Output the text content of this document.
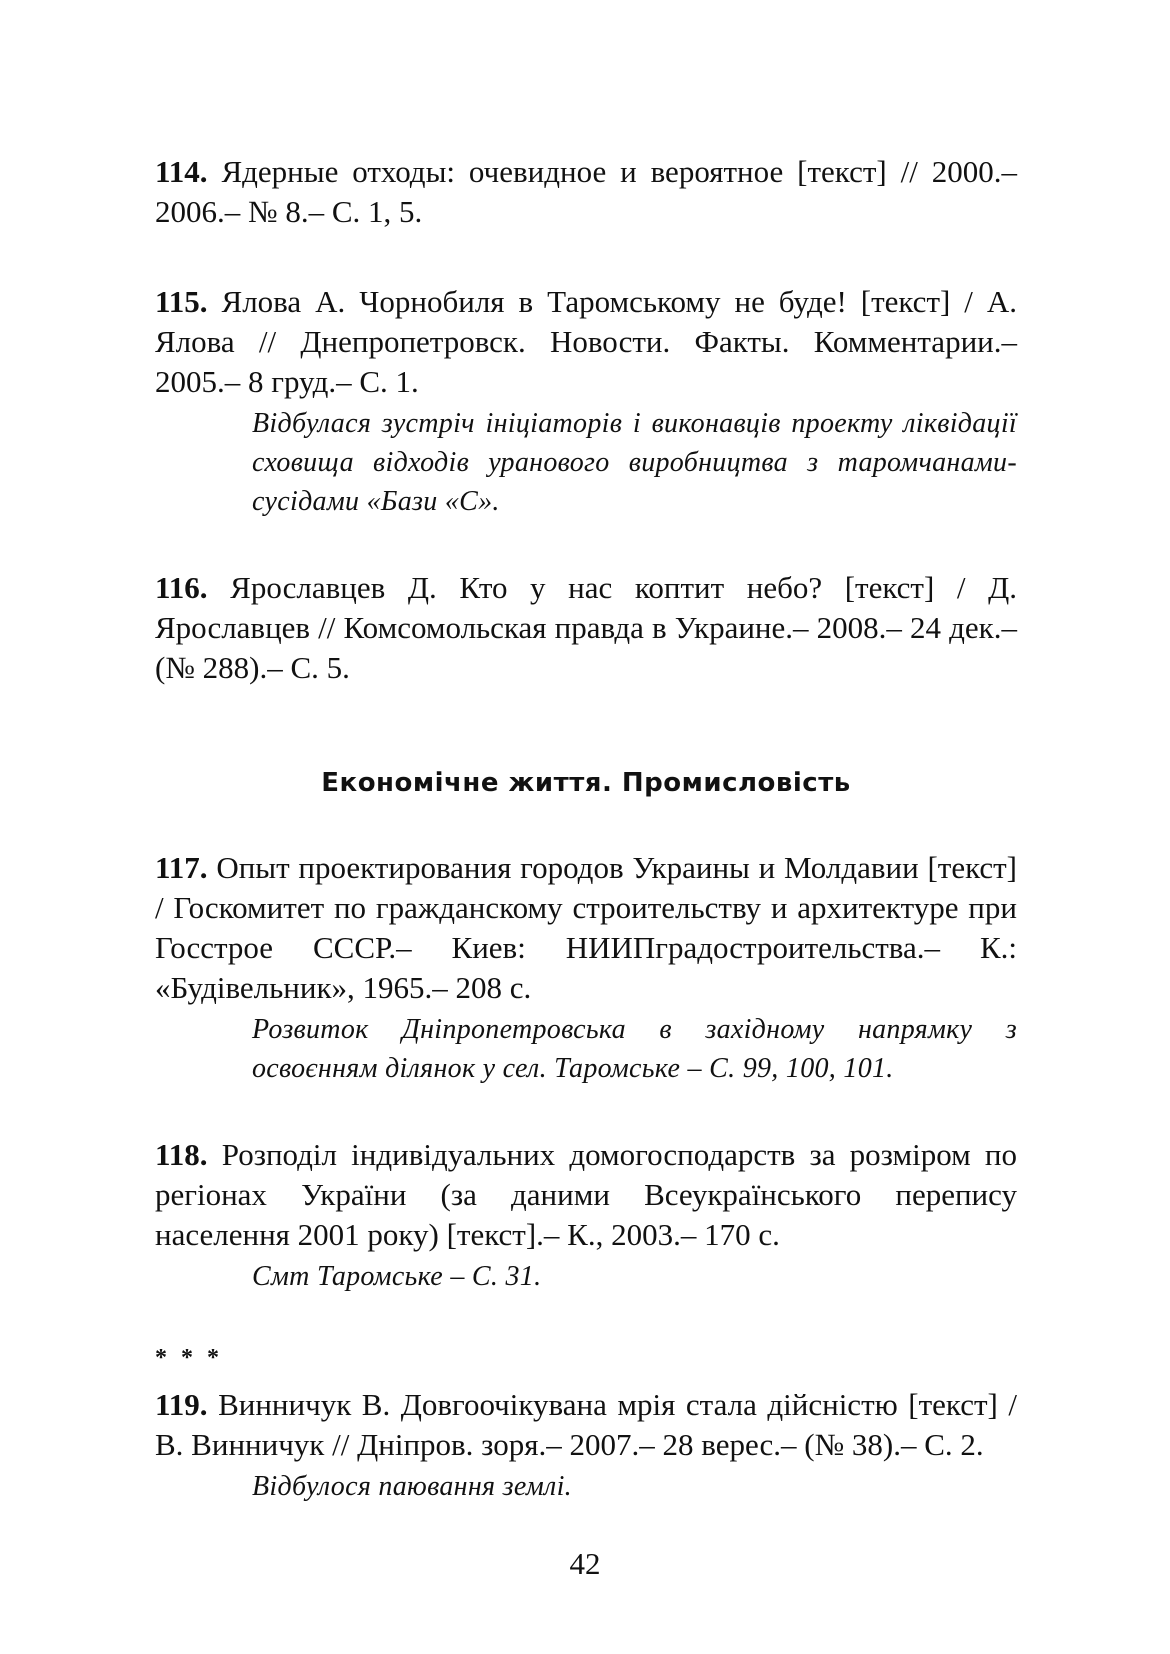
114. Ядерные отходы: очевидное и вероятное [текст] // 2000.– 2006.– № 8.– С. 1, 5.

115. Ялова А. Чорнобиля в Таромському не буде! [текст] / А. Ялова // Днепропетровск. Новости. Факты. Комментарии.– 2005.– 8 груд.– С. 1.

Відбулася зустріч ініціаторів і виконавців проекту ліквідації сховища відходів уранового виробництва з таромчанами-сусідами «Бази «С».

116. Ярославцев Д. Кто у нас коптит небо? [текст] / Д. Ярославцев // Комсомольская правда в Украине.– 2008.– 24 дек.– (№ 288).– С. 5.

Економічне життя. Промисловість

117. Опыт проектирования городов Украины и Молдавии [текст] / Госкомитет по гражданскому строительству и архитектуре при Госстрое СССР.– Киев: НИИПградостроительства.– К.: «Будівельник», 1965.– 208 с.

Розвиток Дніпропетровська в західному напрямку з освоєнням ділянок у сел. Таромське – С. 99, 100, 101.

118. Розподіл індивідуальних домогосподарств за розміром по регіонах України (за даними Всеукраїнського перепису населення 2001 року) [текст].– К., 2003.– 170 с.

Смт Таромське – С. 31.

* * *

119. Винничук В. Довгоочікувана мрія стала дійсністю [текст] / В. Винничук // Дніпров. зоря.– 2007.– 28 верес.– (№ 38).– С. 2.

Відбулося паювання землі.

42
